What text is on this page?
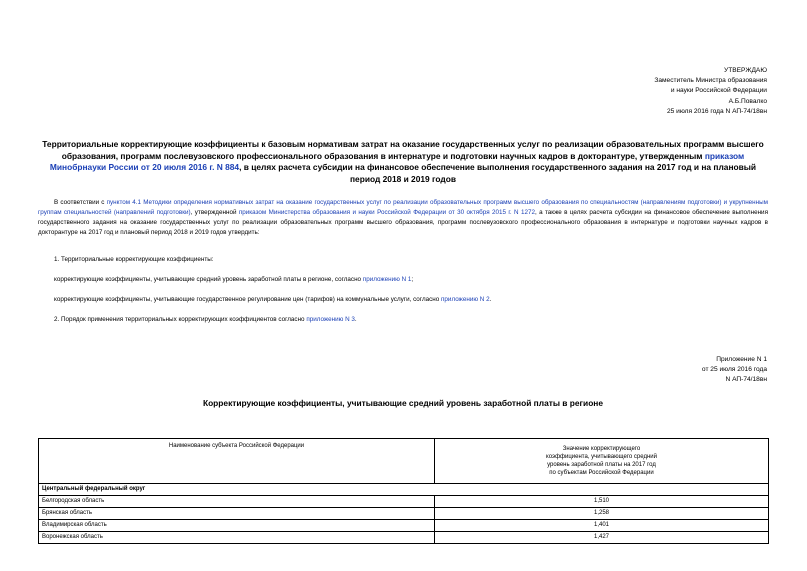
УТВЕРЖДАЮ
Заместитель Министра образования
и науки Российской Федерации
А.Б.Повалко
25 июля 2016 года N АП-74/18вн
Территориальные корректирующие коэффициенты к базовым нормативам затрат на оказание государственных услуг по реализации образовательных программ высшего образования, программ послевузовского профессионального образования в интернатуре и подготовки научных кадров в докторантуре, утвержденным приказом Минобрнауки России от 20 июля 2016 г. N 884, в целях расчета субсидии на финансовое обеспечение выполнения государственного задания на 2017 год и на плановый период 2018 и 2019 годов
В соответствии с пунктом 4.1 Методики определения нормативных затрат на оказание государственных услуг по реализации образовательных программ высшего образования по специальностям (направлениям подготовки) и укрупненным группам специальностей (направлений подготовки), утвержденной приказом Министерства образования и науки Российской Федерации от 30 октября 2015 г. N 1272, а также в целях расчета субсидии на финансовое обеспечение выполнения государственного задания на оказание государственных услуг по реализации образовательных программ высшего образования, программ послевузовского профессионального образования в интернатуре и подготовки научных кадров в докторантуре на 2017 год и плановый период 2018 и 2019 годов утвердить:
1. Территориальные корректирующие коэффициенты:
корректирующие коэффициенты, учитывающие средний уровень заработной платы в регионе, согласно приложению N 1;
корректирующие коэффициенты, учитывающие государственное регулирование цен (тарифов) на коммунальные услуги, согласно приложению N 2.
2. Порядок применения территориальных корректирующих коэффициентов согласно приложению N 3.
Приложение N 1
от 25 июля 2016 года
N АП-74/18вн
Корректирующие коэффициенты, учитывающие средний уровень заработной платы в регионе
Наименование субъекта Российской Федерации	Значение корректирующего
коэффициента, учитывающего средний
уровень заработной платы на 2017 год
по субъектам Российской Федерации

Центральный федеральный округ	
Белгородская область	1,510
Брянская область	1,258
Владимирская область	1,401
Воронежская область	1,427
